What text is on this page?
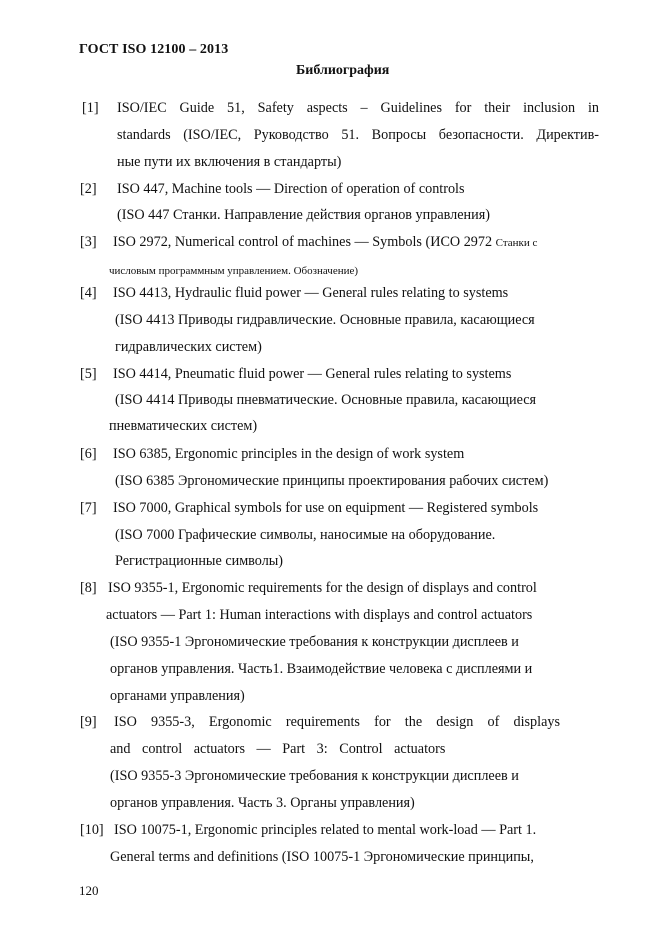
ГОСТ ISO 12100 – 2013
Библиография
[1] ISO/IEC Guide 51, Safety aspects – Guidelines for their inclusion in
standards (ISO/IEC, Руководство 51. Вопросы безопасности. Директив-
ные пути их включения в стандарты)
[2] ISO 447, Machine tools — Direction of operation of controls
(ISO 447 Станки. Направление действия органов управления)
[3] ISO 2972, Numerical control of machines — Symbols (ИСО 2972 Станки с
числовым программным управлением. Обозначение)
[4] ISO 4413, Hydraulic fluid power — General rules relating to systems
(ISO 4413 Приводы гидравлические. Основные правила, касающиеся
гидравлических систем)
[5] ISO 4414, Pneumatic fluid power — General rules relating to systems
(ISO 4414 Приводы пневматические. Основные правила, касающиеся
пневматических систем)
[6] ISO 6385, Ergonomic principles in the design of work system
(ISO 6385 Эргономические принципы проектирования рабочих систем)
[7] ISO 7000, Graphical symbols for use on equipment — Registered symbols
(ISO 7000 Графические символы, наносимые на оборудование.
Регистрационные символы)
[8] ISO 9355-1, Ergonomic requirements for the design of displays and control
actuators — Part 1: Human interactions with displays and control actuators
(ISO 9355-1 Эргономические требования к конструкции дисплеев и
органов управления. Часть1. Взаимодействие человека с дисплеями и
органами управления)
[9] ISO 9355-3, Ergonomic requirements for the design of displays
and control actuators — Part 3: Control actuators
(ISO 9355-3 Эргономические требования к конструкции дисплеев и
органов управления. Часть 3. Органы управления)
[10] ISO 10075-1, Ergonomic principles related to mental work-load — Part 1.
General terms and definitions (ISO 10075-1 Эргономические принципы,
120
